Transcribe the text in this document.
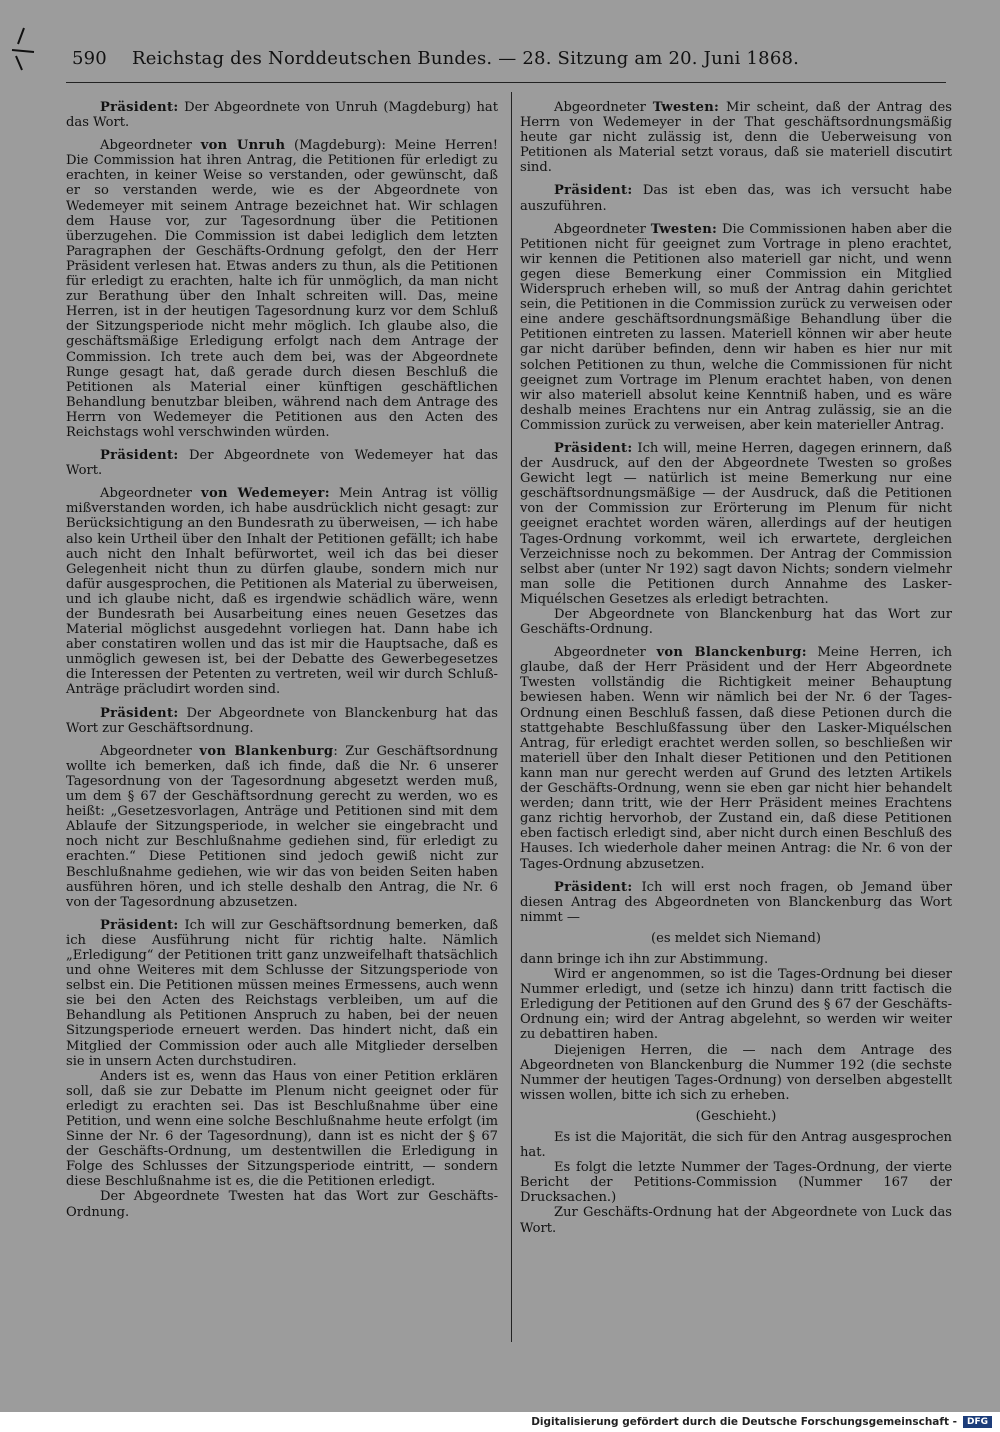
590	Reichstag des Norddeutschen Bundes. — 28. Sitzung am 20. Juni 1868.

Präsident: Der Abgeordnete von Unruh (Magdeburg) hat das Wort.

Abgeordneter von Unruh (Magdeburg): Meine Herren! Die Commission hat ihren Antrag, die Petitionen für erledigt zu erachten, in keiner Weise so verstanden, oder gewünscht, daß er so verstanden werde, wie es der Abgeordnete von Wedemeyer mit seinem Antrage bezeichnet hat. Wir schlagen dem Hause vor, zur Tagesordnung über die Petitionen überzugehen. Die Commission ist dabei lediglich dem letzten Paragraphen der Geschäfts-Ordnung gefolgt, den der Herr Präsident verlesen hat. Etwas anders zu thun, als die Petitionen für erledigt zu erachten, halte ich für unmöglich, da man nicht zur Berathung über den Inhalt schreiten will. Das, meine Herren, ist in der heutigen Tagesordnung kurz vor dem Schluß der Sitzungsperiode nicht mehr möglich. Ich glaube also, die geschäftsmäßige Erledigung erfolgt nach dem Antrage der Commission. Ich trete auch dem bei, was der Abgeordnete Runge gesagt hat, daß gerade durch diesen Beschluß die Petitionen als Material einer künftigen geschäftlichen Behandlung benutzbar bleiben, während nach dem Antrage des Herrn von Wedemeyer die Petitionen aus den Acten des Reichstags wohl verschwinden würden.

Präsident: Der Abgeordnete von Wedemeyer hat das Wort.

Abgeordneter von Wedemeyer: Mein Antrag ist völlig mißverstanden worden, ich habe ausdrücklich nicht gesagt: zur Berücksichtigung an den Bundesrath zu überweisen, — ich habe also kein Urtheil über den Inhalt der Petitionen gefällt; ich habe auch nicht den Inhalt befürwortet, weil ich das bei dieser Gelegenheit nicht thun zu dürfen glaube, sondern mich nur dafür ausgesprochen, die Petitionen als Material zu überweisen, und ich glaube nicht, daß es irgendwie schädlich wäre, wenn der Bundesrath bei Ausarbeitung eines neuen Gesetzes das Material möglichst ausgedehnt vorliegen hat. Dann habe ich aber constatiren wollen und das ist mir die Hauptsache, daß es unmöglich gewesen ist, bei der Debatte des Gewerbegesetzes die Interessen der Petenten zu vertreten, weil wir durch Schluß-Anträge präcludirt worden sind.

Präsident: Der Abgeordnete von Blanckenburg hat das Wort zur Geschäftsordnung.

Abgeordneter von Blankenburg: Zur Geschäftsordnung wollte ich bemerken, daß ich finde, daß die Nr. 6 unserer Tagesordnung von der Tagesordnung abgesetzt werden muß, um dem § 67 der Geschäftsordnung gerecht zu werden, wo es heißt: „Gesetzesvorlagen, Anträge und Petitionen sind mit dem Ablaufe der Sitzungsperiode, in welcher sie eingebracht und noch nicht zur Beschlußnahme gediehen sind, für erledigt zu erachten.“ Diese Petitionen sind jedoch gewiß nicht zur Beschlußnahme gediehen, wie wir das von beiden Seiten haben ausführen hören, und ich stelle deshalb den Antrag, die Nr. 6 von der Tagesordnung abzusetzen.

Präsident: Ich will zur Geschäftsordnung bemerken, daß ich diese Ausführung nicht für richtig halte. Nämlich „Erledigung“ der Petitionen tritt ganz unzweifelhaft thatsächlich und ohne Weiteres mit dem Schlusse der Sitzungsperiode von selbst ein. Die Petitionen müssen meines Ermessens, auch wenn sie bei den Acten des Reichstags verbleiben, um auf die Behandlung als Petitionen Anspruch zu haben, bei der neuen Sitzungsperiode erneuert werden. Das hindert nicht, daß ein Mitglied der Commission oder auch alle Mitglieder derselben sie in unsern Acten durchstudiren.

Anders ist es, wenn das Haus von einer Petition erklären soll, daß sie zur Debatte im Plenum nicht geeignet oder für erledigt zu erachten sei. Das ist Beschlußnahme über eine Petition, und wenn eine solche Beschlußnahme heute erfolgt (im Sinne der Nr. 6 der Tagesordnung), dann ist es nicht der § 67 der Geschäfts-Ordnung, um destentwillen die Erledigung in Folge des Schlusses der Sitzungsperiode eintritt, — sondern diese Beschlußnahme ist es, die die Petitionen erledigt.

Der Abgeordnete Twesten hat das Wort zur Geschäfts-Ordnung.

Abgeordneter Twesten: Mir scheint, daß der Antrag des Herrn von Wedemeyer in der That geschäftsordnungsmäßig heute gar nicht zulässig ist, denn die Ueberweisung von Petitionen als Material setzt voraus, daß sie materiell discutirt sind.

Präsident: Das ist eben das, was ich versucht habe auszuführen.

Abgeordneter Twesten: Die Commissionen haben aber die Petitionen nicht für geeignet zum Vortrage in pleno erachtet, wir kennen die Petitionen also materiell gar nicht, und wenn gegen diese Bemerkung einer Commission ein Mitglied Widerspruch erheben will, so muß der Antrag dahin gerichtet sein, die Petitionen in die Commission zurück zu verweisen oder eine andere geschäftsordnungsmäßige Behandlung über die Petitionen eintreten zu lassen. Materiell können wir aber heute gar nicht darüber befinden, denn wir haben es hier nur mit solchen Petitionen zu thun, welche die Commissionen für nicht geeignet zum Vortrage im Plenum erachtet haben, von denen wir also materiell absolut keine Kenntniß haben, und es wäre deshalb meines Erachtens nur ein Antrag zulässig, sie an die Commission zurück zu verweisen, aber kein materieller Antrag.

Präsident: Ich will, meine Herren, dagegen erinnern, daß der Ausdruck, auf den der Abgeordnete Twesten so großes Gewicht legt — natürlich ist meine Bemerkung nur eine geschäftsordnungsmäßige — der Ausdruck, daß die Petitionen von der Commission zur Erörterung im Plenum für nicht geeignet erachtet worden wären, allerdings auf der heutigen Tages-Ordnung vorkommt, weil ich erwartete, dergleichen Verzeichnisse noch zu bekommen. Der Antrag der Commission selbst aber (unter Nr 192) sagt davon Nichts; sondern vielmehr man solle die Petitionen durch Annahme des Lasker-Miquélschen Gesetzes als erledigt betrachten.

Der Abgeordnete von Blanckenburg hat das Wort zur Geschäfts-Ordnung.

Abgeordneter von Blanckenburg: Meine Herren, ich glaube, daß der Herr Präsident und der Herr Abgeordnete Twesten vollständig die Richtigkeit meiner Behauptung bewiesen haben. Wenn wir nämlich bei der Nr. 6 der Tages-Ordnung einen Beschluß fassen, daß diese Petionen durch die stattgehabte Beschlußfassung über den Lasker-Miquélschen Antrag, für erledigt erachtet werden sollen, so beschließen wir materiell über den Inhalt dieser Petitionen und den Petitionen kann man nur gerecht werden auf Grund des letzten Artikels der Geschäfts-Ordnung, wenn sie eben gar nicht hier behandelt werden; dann tritt, wie der Herr Präsident meines Erachtens ganz richtig hervorhob, der Zustand ein, daß diese Petitionen eben factisch erledigt sind, aber nicht durch einen Beschluß des Hauses. Ich wiederhole daher meinen Antrag: die Nr. 6 von der Tages-Ordnung abzusetzen.

Präsident: Ich will erst noch fragen, ob Jemand über diesen Antrag des Abgeordneten von Blanckenburg das Wort nimmt —

(es meldet sich Niemand)

dann bringe ich ihn zur Abstimmung.

Wird er angenommen, so ist die Tages-Ordnung bei dieser Nummer erledigt, und (setze ich hinzu) dann tritt factisch die Erledigung der Petitionen auf den Grund des § 67 der Geschäfts-Ordnung ein; wird der Antrag abgelehnt, so werden wir weiter zu debattiren haben.

Diejenigen Herren, die — nach dem Antrage des Abgeordneten von Blanckenburg die Nummer 192 (die sechste Nummer der heutigen Tages-Ordnung) von derselben abgestellt wissen wollen, bitte ich sich zu erheben.

(Geschieht.)

Es ist die Majorität, die sich für den Antrag ausgesprochen hat.

Es folgt die letzte Nummer der Tages-Ordnung, der vierte Bericht der Petitions-Commission (Nummer 167 der Drucksachen.)

Zur Geschäfts-Ordnung hat der Abgeordnete von Luck das Wort.

Digitalisierung gefördert durch die Deutsche Forschungsgemeinschaft -	DFG
